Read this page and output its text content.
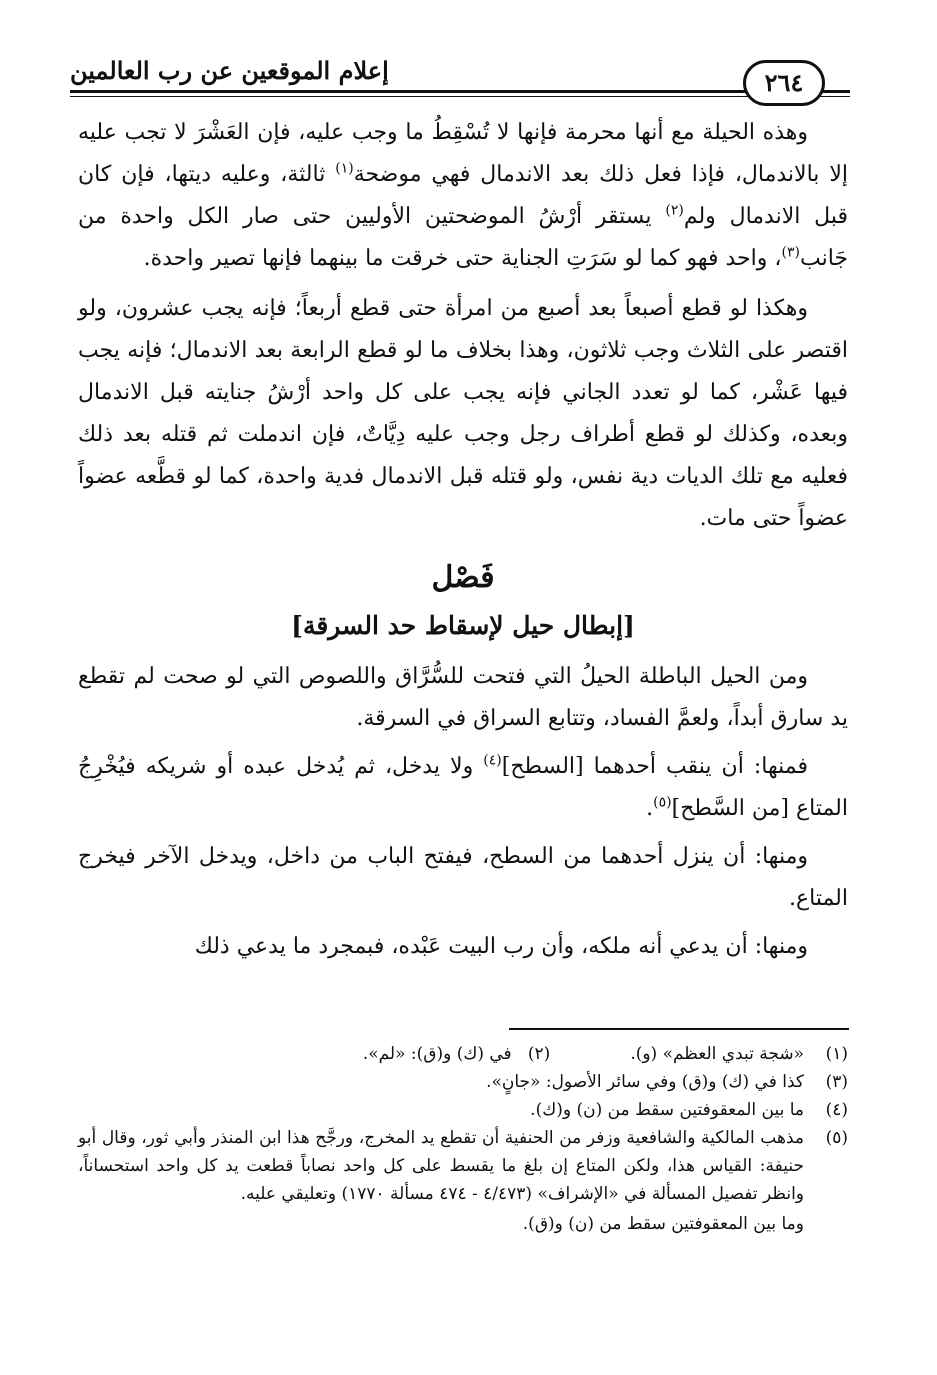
إعلام الموقعين عن رب العالمين	٢٦٤

وهذه الحيلة مع أنها محرمة فإنها لا تُسْقِطُ ما وجب عليه، فإن العَشْرَ لا تجب عليه إلا بالاندمال، فإذا فعل ذلك بعد الاندمال فهي موضحة$^{(١)}$ ثالثة، وعليه ديتها، فإن كان قبل الاندمال ولم$^{(٢)}$ يستقر أرْشُ الموضحتين الأوليين حتى صار الكل واحدة من جَانب$^{(٣)}$، واحد فهو كما لو سَرَتِ الجناية حتى خرقت ما بينهما فإنها تصير واحدة.

وهكذا لو قطع أصبعاً بعد أصبع من امرأة حتى قطع أربعاً؛ فإنه يجب عشرون، ولو اقتصر على الثلاث وجب ثلاثون، وهذا بخلاف ما لو قطع الرابعة بعد الاندمال؛ فإنه يجب فيها عَشْر، كما لو تعدد الجاني فإنه يجب على كل واحد أرْشُ جنايته قبل الاندمال وبعده، وكذلك لو قطع أطراف رجل وجب عليه دِيَّاتٌ، فإن اندملت ثم قتله بعد ذلك فعليه مع تلك الديات دية نفس، ولو قتله قبل الاندمال فدية واحدة، كما لو قطَّعه عضواً عضواً حتى مات.

فَصْل
[إبطال حيل لإسقاط حد السرقة]

ومن الحيل الباطلة الحيلُ التي فتحت للسُّرَّاق واللصوص التي لو صحت لم تقطع يد سارق أبداً، ولعمَّ الفساد، وتتابع السراق في السرقة.

فمنها: أن ينقب أحدهما [السطح]$^{(٤)}$ ولا يدخل، ثم يُدخل عبده أو شريكه فيُخْرِجُ المتاع [من السَّطح]$^{(٥)}$.

ومنها: أن ينزل أحدهما من السطح، فيفتح الباب من داخل، ويدخل الآخر فيخرج المتاع.

ومنها: أن يدعي أنه ملكه، وأن رب البيت عَبْده، فبمجرد ما يدعي ذلك

(١)
«شجة تبدي العظم» (و).(٢)   في (ك) و(ق): «لم».
(٣)
كذا في (ك) و(ق) وفي سائر الأصول: «جانٍ».
(٤)
ما بين المعقوفتين سقط من (ن) و(ك).
(٥)
مذهب المالكية والشافعية وزفر من الحنفية أن تقطع يد المخرج، ورجَّح هذا ابن المنذر وأبي ثور، وقال أبو حنيفة: القياس هذا، ولكن المتاع إن بلغ ما يقسط على كل واحد نصاباً قطعت يد كل واحد استحساناً، وانظر تفصيل المسألة في «الإشراف» (٤/٤٧٣ - ٤٧٤ مسألة ١٧٧٠) وتعليقي عليه.
وما بين المعقوفتين سقط من (ن) و(ق).
